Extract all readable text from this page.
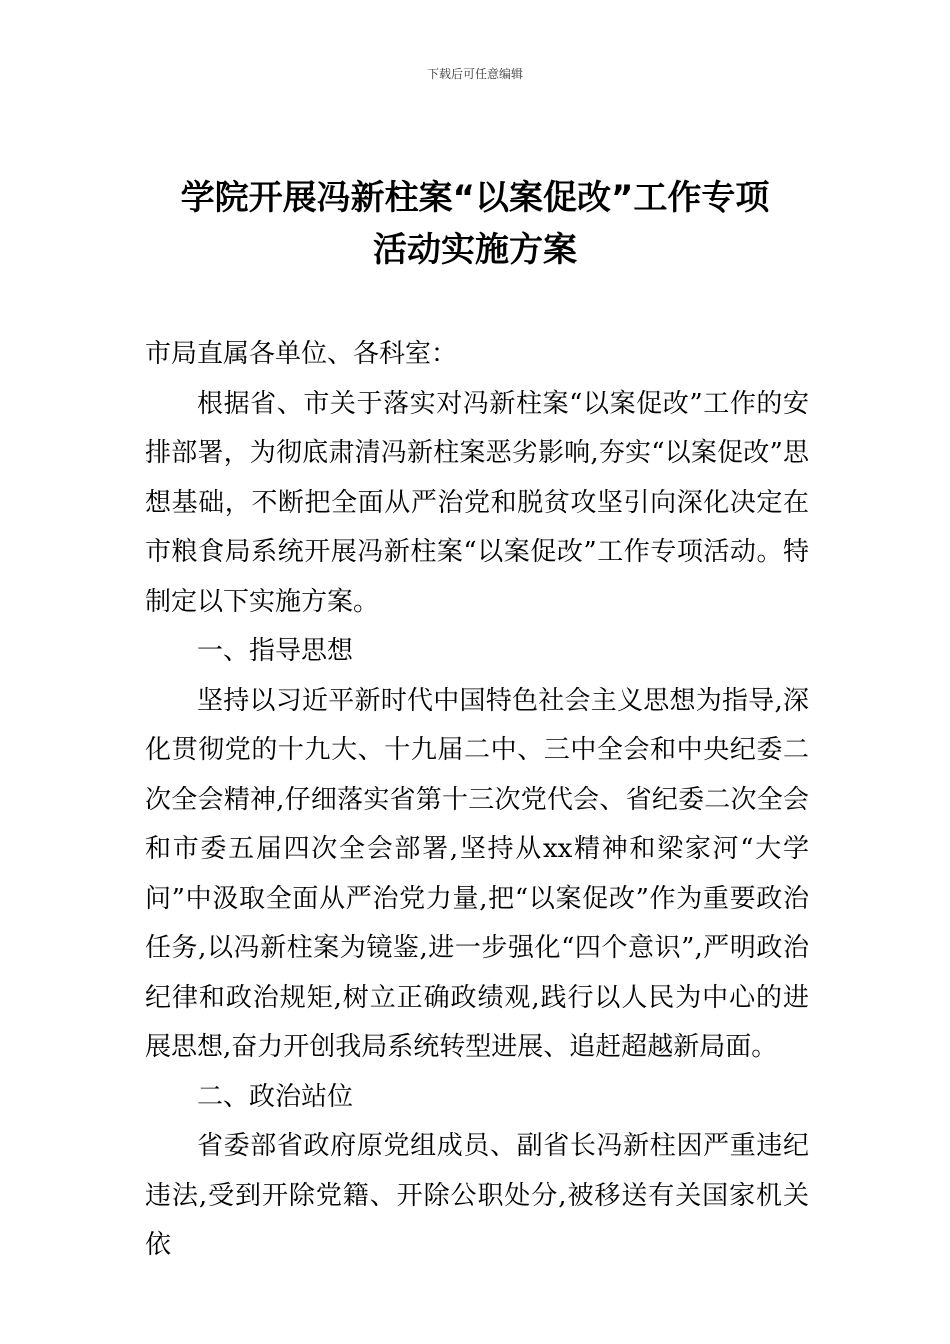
下载后可任意编辑
学院开展冯新柱案“以案促改”工作专项
活动实施方案

市局直属各单位、各科室：

根据省、市关于落实对冯新柱案“以案促改”工作的安排部署，为彻底肃清冯新柱案恶劣影响,夯实“以案促改”思想基础，不断把全面从严治党和脱贫攻坚引向深化决定在市粮食局系统开展冯新柱案“以案促改”工作专项活动。特制定以下实施方案。

一、指导思想

坚持以习近平新时代中国特色社会主义思想为指导,深化贯彻党的十九大、十九届二中、三中全会和中央纪委二次全会精神,仔细落实省第十三次党代会、省纪委二次全会和市委五届四次全会部署,坚持从xx精神和梁家河“大学问”中汲取全面从严治党力量,把“以案促改”作为重要政治任务,以冯新柱案为镜鉴,进一步强化“四个意识”,严明政治纪律和政治规矩,树立正确政绩观,践行以人民为中心的进展思想,奋力开创我局系统转型进展、追赶超越新局面。

二、政治站位

省委部省政府原党组成员、副省长冯新柱因严重违纪违法,受到开除党籍、开除公职处分,被移送有关国家机关依
